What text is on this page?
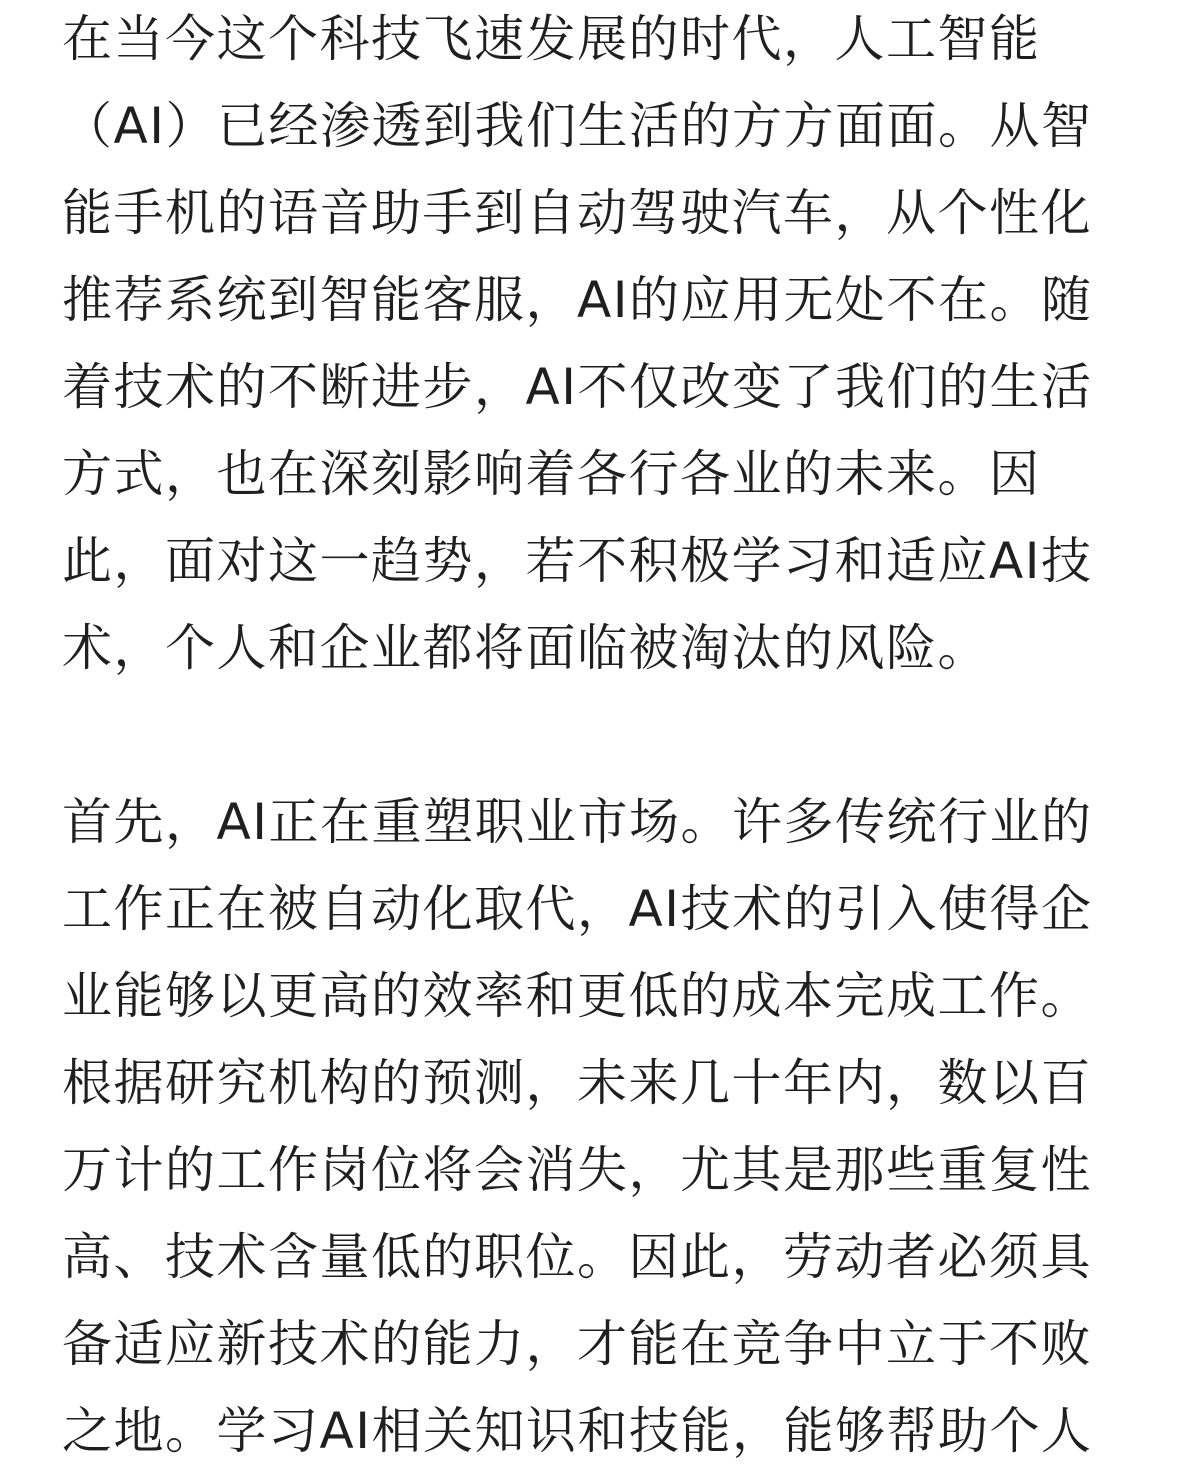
在当今这个科技飞速发展的时代，人工智能
（AI）已经渗透到我们生活的方方面面。从智
能手机的语音助手到自动驾驶汽车，从个性化
推荐系统到智能客服，AI的应用无处不在。随
着技术的不断进步，AI不仅改变了我们的生活
方式，也在深刻影响着各行各业的未来。因
此，面对这一趋势，若不积极学习和适应AI技
术，个人和企业都将面临被淘汰的风险。
首先，AI正在重塑职业市场。许多传统行业的
工作正在被自动化取代，AI技术的引入使得企
业能够以更高的效率和更低的成本完成工作。
根据研究机构的预测，未来几十年内，数以百
万计的工作岗位将会消失，尤其是那些重复性
高、技术含量低的职位。因此，劳动者必须具
备适应新技术的能力，才能在竞争中立于不败
之地。学习AI相关知识和技能，能够帮助个人
